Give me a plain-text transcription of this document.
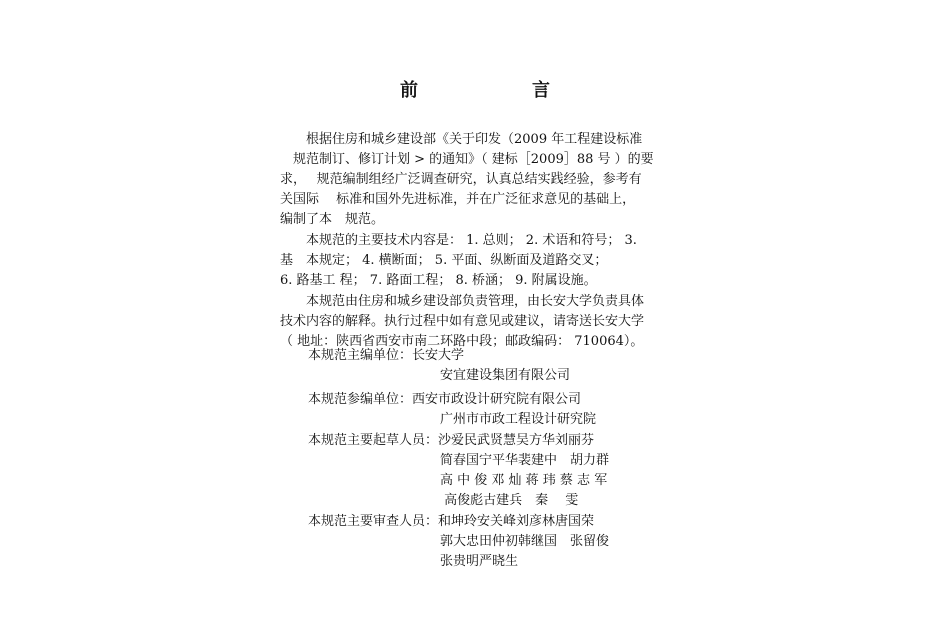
前　　言

　　根据住房和城乡建设部《关于印发（2009 年工程建设标准
　规范制订、修订计划 > 的通知》（ 建标［2009］88 号 ）的要
求，　 规范编制组经广泛调查研究，认真总结实践经验，参考有
关国际　 标准和国外先进标准，并在广泛征求意见的基础上，
编制了本　规范。

　　本规范的主要技术内容是： 1. 总则； 2. 术语和符号； 3.
基　本规定； 4. 横断面； 5. 平面、纵断面及道路交叉；
6. 路基工 程； 7. 路面工程； 8. 桥涵； 9. 附属设施。

　　本规范由住房和城乡建设部负责管理，由长安大学负责具体
技术内容的解释。执行过程中如有意见或建议，请寄送长安大学
（ 地址：陕西省西安市南二环路中段；邮政编码： 710064）。

本规范主编单位：长安大学
安宜建设集团有限公司
本规范参编单位：西安市政设计研究院有限公司
广州市市政工程设计研究院
本规范主要起草人员：沙爱民武贤慧吴方华刘丽芬
简春国宁平华裴建中　胡力群
高 中 俊 邓 灿 蒋 玮 蔡 志 军
高俊彪古建兵　秦　 雯
本规范主要审查人员：和坤玲安关峰刘彦林唐国荣
郭大忠田仲初韩继国　张留俊
张贵明严晓生
